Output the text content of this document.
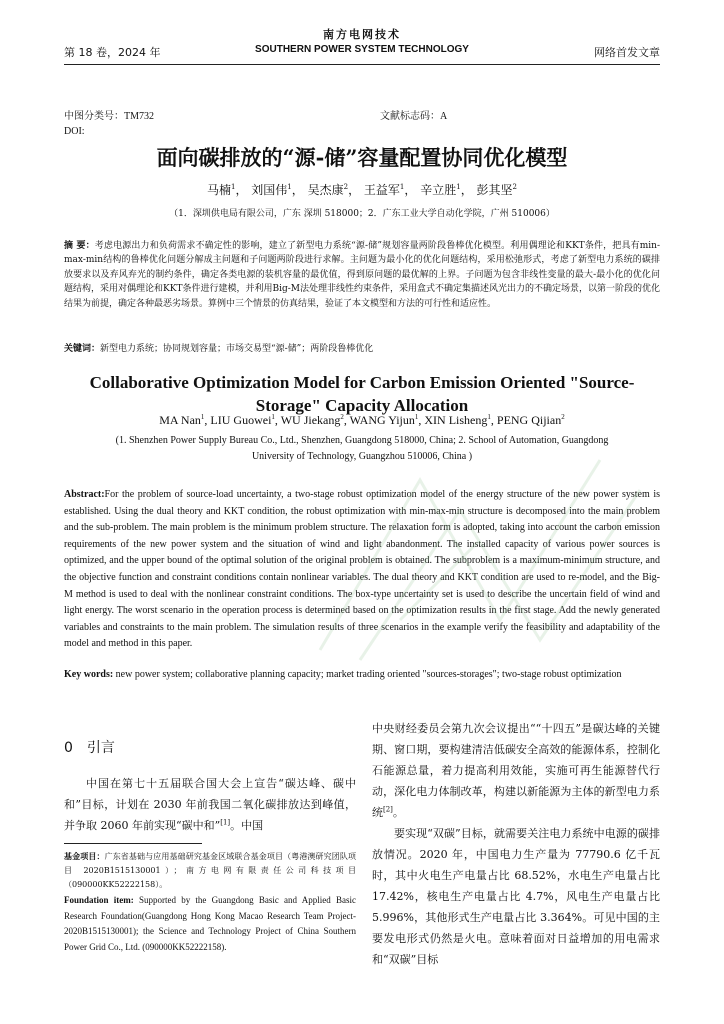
南方电网技术
第 18 卷，2024 年	SOUTHERN POWER SYSTEM TECHNOLOGY	网络首发文章
中图分类号：TM732	文献标志码：A
DOI:
面向碳排放的“源-储”容量配置协同优化模型
马楠$^1$， 刘国伟$^1$， 吴杰康$^2$， 王益军$^1$， 辛立胜$^1$， 彭其坚$^2$
（1．深圳供电局有限公司，广东 深圳 518000；2．广东工业大学自动化学院，广州 510006）
摘 要：考虑电源出力和负荷需求不确定性的影响，建立了新型电力系统“源-储”规划容量两阶段鲁棒优化模型。利用偶理论和KKT条件，把具有min-max-min结构的鲁棒优化问题分解成主问题和子问题两阶段进行求解。主问题为最小化的优化问题结构，采用松弛形式，考虑了新型电力系统的碳排放要求以及弃风弃光的制约条件，确定各类电源的装机容量的最优值，得到原问题的最优解的上界。子问题为包含非线性变量的最大-最小化的优化问题结构，采用对偶理论和KKT条件进行建模，并利用Big-M法处理非线性约束条件，采用盒式不确定集描述风光出力的不确定场景，以第一阶段的优化结果为前提，确定各种最恶劣场景。算例中三个情景的仿真结果，验证了本文模型和方法的可行性和适应性。
关键词：新型电力系统；协同规划容量；市场交易型“源-储”；两阶段鲁棒优化
Collaborative Optimization Model for Carbon Emission Oriented "Source-Storage" Capacity Allocation
MA Nan$^1$, LIU Guowei$^1$, WU Jiekang$^2$, WANG Yijun$^1$, XIN Lisheng$^1$, PENG Qijian$^2$
(1. Shenzhen Power Supply Bureau Co., Ltd., Shenzhen, Guangdong 518000, China; 2. School of Automation, Guangdong University of Technology, Guangzhou 510006, China )
Abstract:For the problem of source-load uncertainty, a two-stage robust optimization model of the energy structure of the new power system is established. Using the dual theory and KKT condition, the robust optimization with min-max-min structure is decomposed into the main problem and the sub-problem. The main problem is the minimum problem structure. The relaxation form is adopted, taking into account the carbon emission requirements of the new power system and the situation of wind and light abandonment. The installed capacity of various power sources is optimized, and the upper bound of the optimal solution of the original problem is obtained. The subproblem is a maximum-minimum structure, and the objective function and constraint conditions contain nonlinear variables. The dual theory and KKT condition are used to re-model, and the Big-M method is used to deal with the nonlinear constraint conditions. The box-type uncertainty set is used to describe the uncertain field of wind and light energy. The worst scenario in the operation process is determined based on the optimization results in the first stage. Add the newly generated variables and constraints to the main problem. The simulation results of three scenarios in the example verify the feasibility and adaptability of the model and method in this paper.
Key words: new power system; collaborative planning capacity; market trading oriented "sources-storages"; two-stage robust optimization
0　引言
中国在第七十五届联合国大会上宣告“碳达峰、碳中和”目标，计划在 2030 年前我国二氧化碳排放达到峰值，并争取 2060 年前实现“碳中和”[1]。中国
基金项目：广东省基础与应用基础研究基金区域联合基金项目（粤港澳研究团队项目 2020B1515130001）；南方电网有限责任公司科技项目（090000KK52222158）。
Foundation item: Supported by the Guangdong Basic and Applied Basic Research Foundation(Guangdong Hong Kong Macao Research Team Project-2020B1515130001); the Science and Technology Project of China Southern Power Grid Co., Ltd. (090000KK52222158).
中央财经委员会第九次会议提出““十四五”是碳达峰的关键期、窗口期，要构建清洁低碳安全高效的能源体系，控制化石能源总量，着力提高利用效能，实施可再生能源替代行动，深化电力体制改革，构建以新能源为主体的新型电力系统[2]。
要实现“双碳”目标，就需要关注电力系统中电源的碳排放情况。2020 年，中国电力生产量为 77790.6 亿千瓦时，其中火电生产电量占比 68.52%，水电生产电量占比 17.42%，核电生产电量占比 4.7%，风电生产电量占比 5.996%，其他形式生产电量占比 3.364%。可见中国的主要发电形式仍然是火电。意味着面对日益增加的用电需求和“双碳”目标
